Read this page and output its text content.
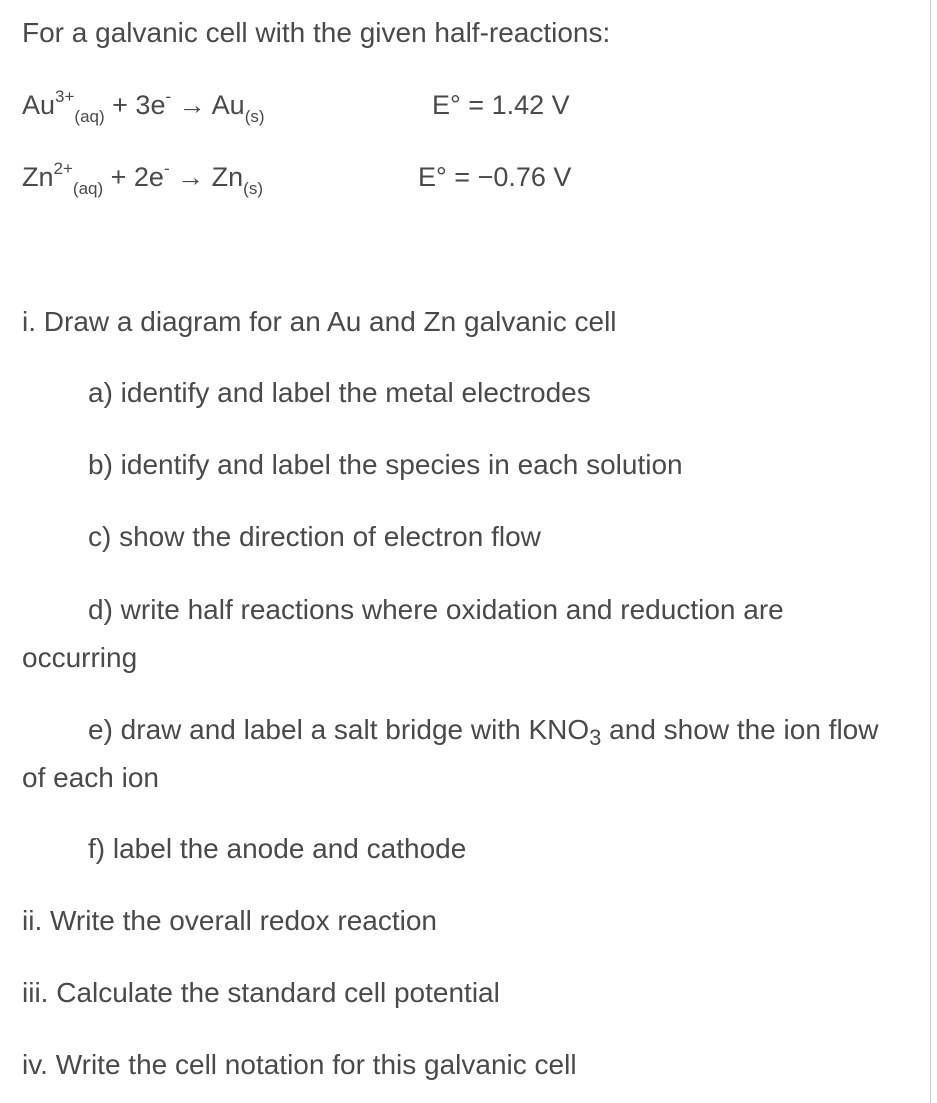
For a galvanic cell with the given half-reactions:
$Au^{3+}_{(aq)} + 3e^- \to Au_{(s)}$	E° = 1.42 V
$Zn^{2+}_{(aq)} + 2e^- \to Zn_{(s)}$	E° = −0.76 V
i. Draw a diagram for an Au and Zn galvanic cell
a) identify and label the metal electrodes
b) identify and label the species in each solution
c) show the direction of electron flow
d) write half reactions where oxidation and reduction are occurring
e) draw and label a salt bridge with $KNO_3$ and show the ion flow of each ion
f) label the anode and cathode
ii. Write the overall redox reaction
iii. Calculate the standard cell potential
iv. Write the cell notation for this galvanic cell
